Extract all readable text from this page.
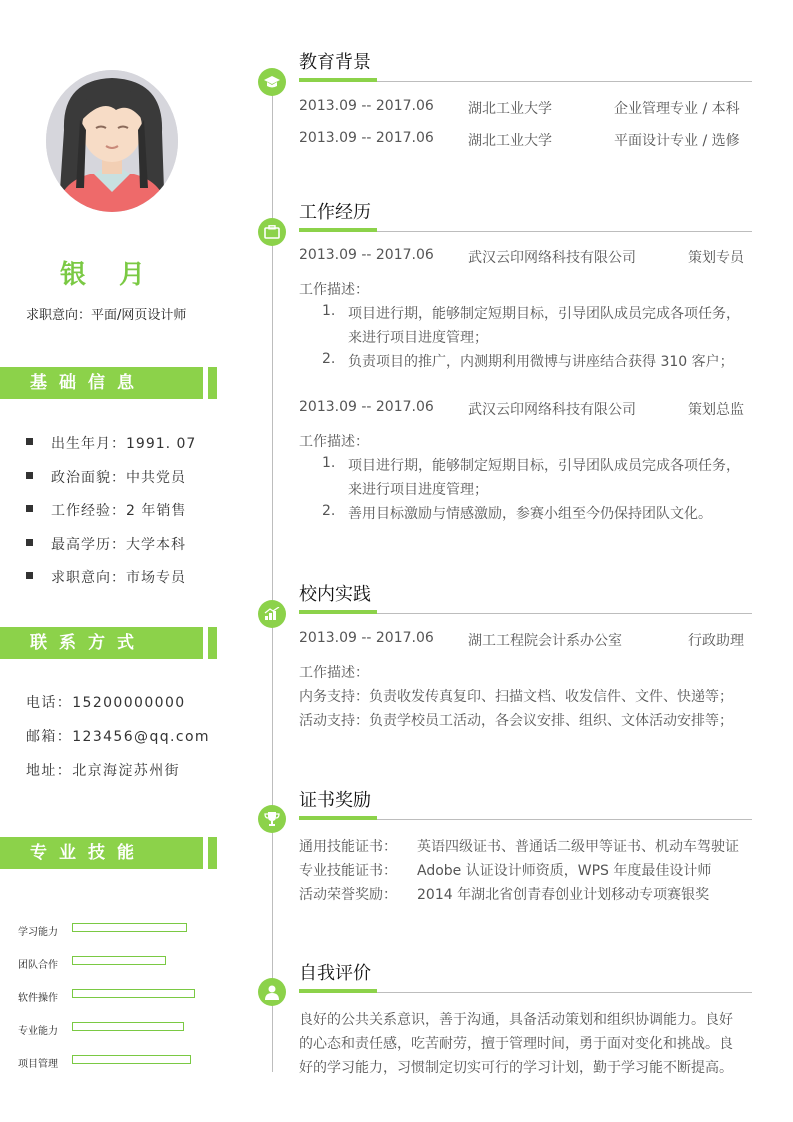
银 月
求职意向：平面/网页设计师
基础信息
出生年月：1991. 07
政治面貌：中共党员
工作经验：2 年销售
最高学历：大学本科
求职意向：市场专员
联系方式
电话：15200000000
邮箱：123456@qq.com
地址：北京海淀苏州街
专业技能
学习能力
团队合作
软件操作
专业能力
项目管理
教育背景
2013.09 -- 2017.06 湖北工业大学	企业管理专业 / 本科
2013.09 -- 2017.06 湖北工业大学	平面设计专业 / 选修
工作经历
2013.09 -- 2017.06 武汉云印网络科技有限公司	策划专员
工作描述：
1. 项目进行期，能够制定短期目标，引导团队成员完成各项任务，
来进行项目进度管理；
2. 负责项目的推广，内测期利用微博与讲座结合获得 310 客户；
2013.09 -- 2017.06 武汉云印网络科技有限公司	策划总监
工作描述：
1. 项目进行期，能够制定短期目标，引导团队成员完成各项任务，
来进行项目进度管理；
2. 善用目标激励与情感激励，参赛小组至今仍保持团队文化。
校内实践
2013.09 -- 2017.06 湖工工程院会计系办公室	行政助理
工作描述：
内务支持：负责收发传真复印、扫描文档、收发信件、文件、快递等；
活动支持：负责学校员工活动，各会议安排、组织、文体活动安排等；
证书奖励
通用技能证书： 英语四级证书、普通话二级甲等证书、机动车驾驶证
专业技能证书： Adobe 认证设计师资质，WPS 年度最佳设计师
活动荣誉奖励： 2014 年湖北省创青春创业计划移动专项赛银奖
自我评价
良好的公共关系意识，善于沟通，具备活动策划和组织协调能力。良好
的心态和责任感，吃苦耐劳，擅于管理时间，勇于面对变化和挑战。良
好的学习能力，习惯制定切实可行的学习计划，勤于学习能不断提高。
